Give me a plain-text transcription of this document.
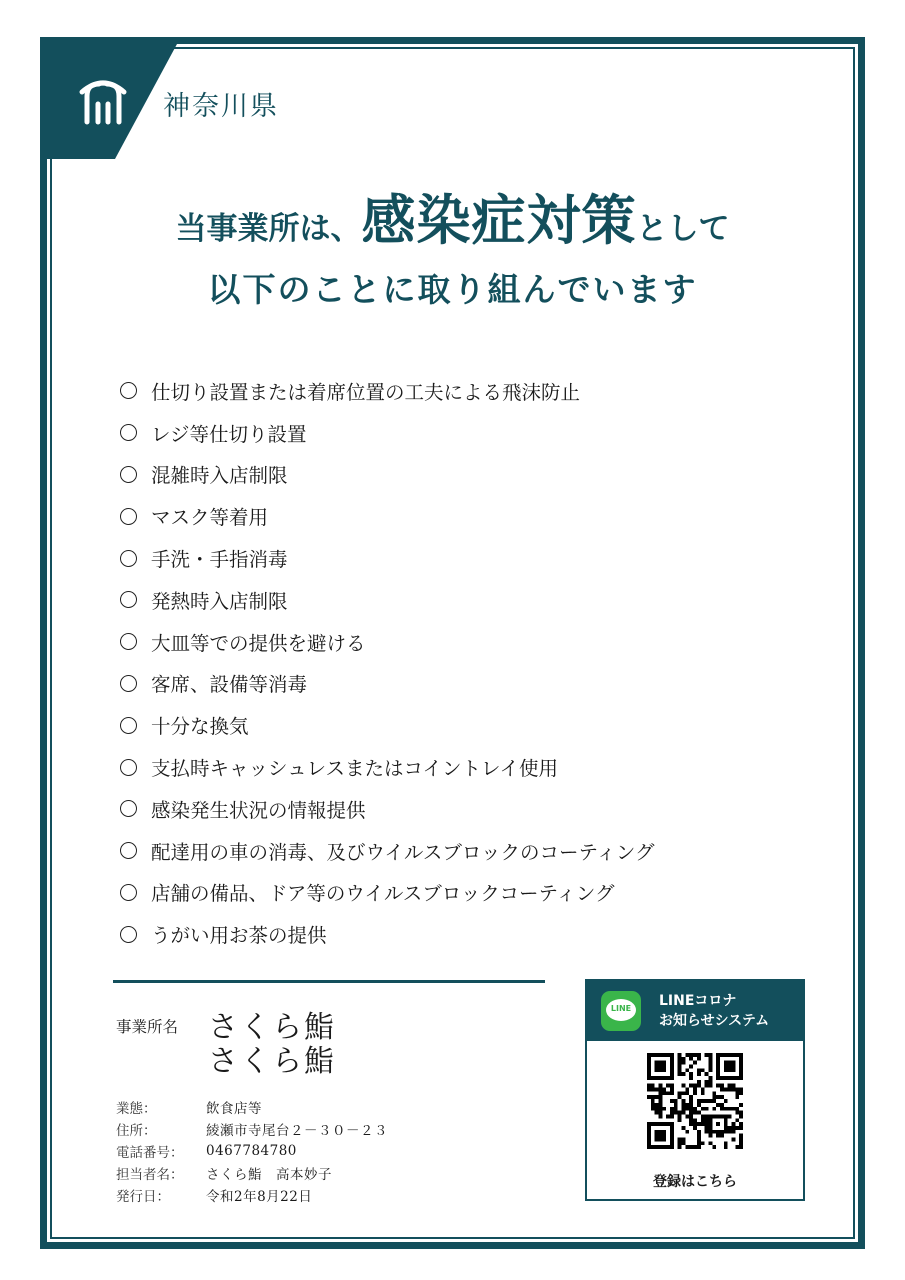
神奈川県
当事業所は、感染症対策として
以下のことに取り組んでいます
仕切り設置または着席位置の工夫による飛沫防止
レジ等仕切り設置
混雑時入店制限
マスク等着用
手洗・手指消毒
発熱時入店制限
大皿等での提供を避ける
客席、設備等消毒
十分な換気
支払時キャッシュレスまたはコイントレイ使用
感染発生状況の情報提供
配達用の車の消毒、及びウイルスブロックのコーティング
店舗の備品、ドア等のウイルスブロックコーティング
うがい用お茶の提供
事業所名 さくら鮨
さくら鮨
業態：	飲食店等
住所：	綾瀬市寺尾台２－３０－２３
電話番号：	0467784780
担当者名：	さくら鮨　高本妙子
発行日：	令和2年8月22日
LINE	LINEコロナ
お知らせシステム
登録はこちら
